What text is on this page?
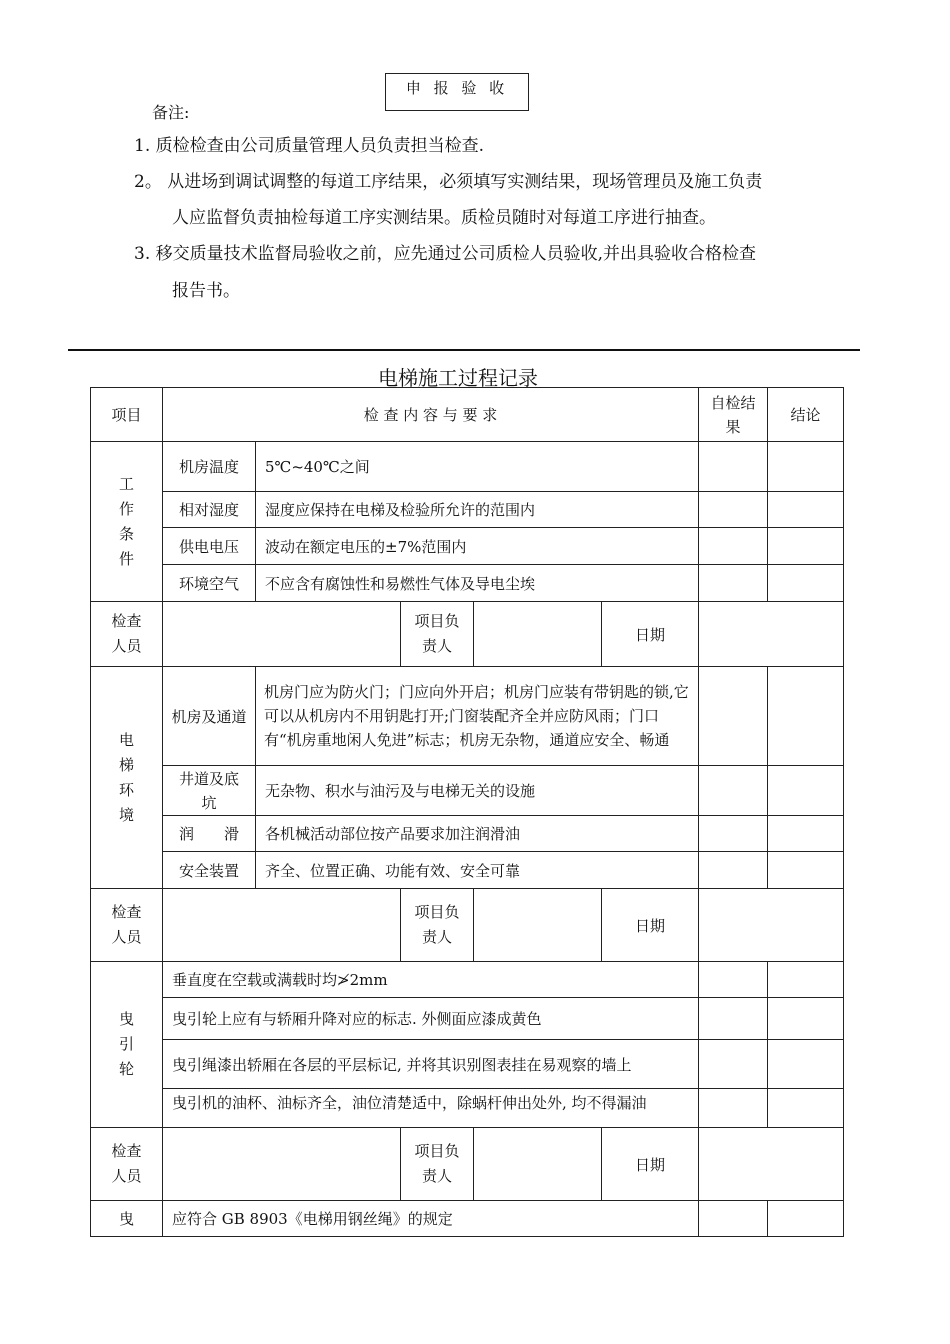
申 报 验 收
备注:
1. 质检检查由公司质量管理人员负责担当检查.
2。 从进场到调试调整的每道工序结果，必须填写实测结果，现场管理员及施工负责
人应监督负责抽检每道工序实测结果。质检员随时对每道工序进行抽查。
3. 移交质量技术监督局验收之前，应先通过公司质检人员验收,并出具验收合格检查
报告书。
电梯施工过程记录
项目	检 查 内 容 与 要 求					自检结果	结论
工作条件	机房温度	5℃~40℃之间					
	相对湿度	湿度应保持在电梯及检验所允许的范围内					
	供电电压	波动在额定电压的±7%范围内					
	环境空气	不应含有腐蚀性和易燃性气体及导电尘埃					
检查人员			项目负责人		日期		
电梯环境	机房及通道	机房门应为防火门；门应向外开启；机房门应装有带钥匙的锁,它可以从机房内不用钥匙打开;门窗装配齐全并应防风雨；门口有“机房重地闲人免进”标志；机房无杂物，通道应安全、畅通					
	井道及底坑	无杂物、积水与油污及与电梯无关的设施					
	润　　滑	各机械活动部位按产品要求加注润滑油					
	安全装置	齐全、位置正确、功能有效、安全可靠					
检查人员			项目负责人		日期		
曳引轮	垂直度在空载或满载时均≯2mm						
	曳引轮上应有与轿厢升降对应的标志. 外侧面应漆成黄色						
	曳引绳漆出轿厢在各层的平层标记, 并将其识别图表挂在易观察的墙上						

	曳引机的油杯、油标齐全，油位清楚适中，除蜗杆伸出处外, 均不得漏油						

检查人员			项目负责人		日期		
曳	应符合 GB 8903《电梯用钢丝绳》的规定						
